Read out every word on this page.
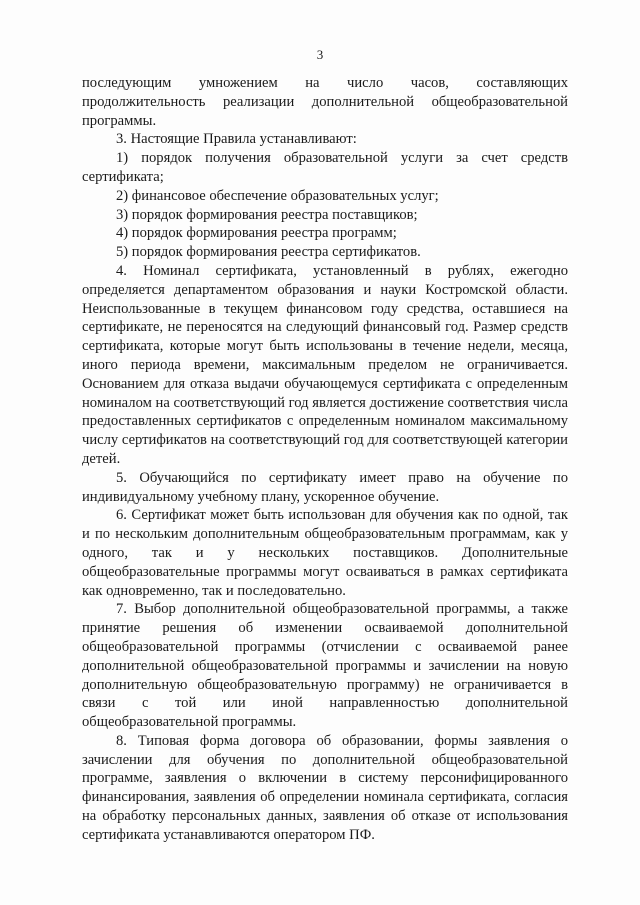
3

последующим умножением на число часов, составляющих продолжительность реализации дополнительной общеобразовательной программы.

3. Настоящие Правила устанавливают:

1) порядок получения образовательной услуги за счет средств сертификата;

2) финансовое обеспечение образовательных услуг;

3) порядок формирования реестра поставщиков;

4) порядок формирования реестра программ;

5) порядок формирования реестра сертификатов.

4. Номинал сертификата, установленный в рублях, ежегодно определяется департаментом образования и науки Костромской области. Неиспользованные в текущем финансовом году средства, оставшиеся на сертификате, не переносятся на следующий финансовый год. Размер средств сертификата, которые могут быть использованы в течение недели, месяца, иного периода времени, максимальным пределом не ограничивается. Основанием для отказа выдачи обучающемуся сертификата с определенным номиналом на соответствующий год является достижение соответствия числа предоставленных сертификатов с определенным номиналом максимальному числу сертификатов на соответствующий год для соответствующей категории детей.

5. Обучающийся по сертификату имеет право на обучение по индивидуальному учебному плану, ускоренное обучение.

6. Сертификат может быть использован для обучения как по одной, так и по нескольким дополнительным общеобразовательным программам, как у одного, так и у нескольких поставщиков. Дополнительные общеобразовательные программы могут осваиваться в рамках сертификата как одновременно, так и последовательно.

7. Выбор дополнительной общеобразовательной программы, а также принятие решения об изменении осваиваемой дополнительной общеобразовательной программы (отчислении с осваиваемой ранее дополнительной общеобразовательной программы и зачислении на новую дополнительную общеобразовательную программу) не ограничивается в связи с той или иной направленностью дополнительной общеобразовательной программы.

8. Типовая форма договора об образовании, формы заявления о зачислении для обучения по дополнительной общеобразовательной программе, заявления о включении в систему персонифицированного финансирования, заявления об определении номинала сертификата, согласия на обработку персональных данных, заявления об отказе от использования сертификата устанавливаются оператором ПФ.
